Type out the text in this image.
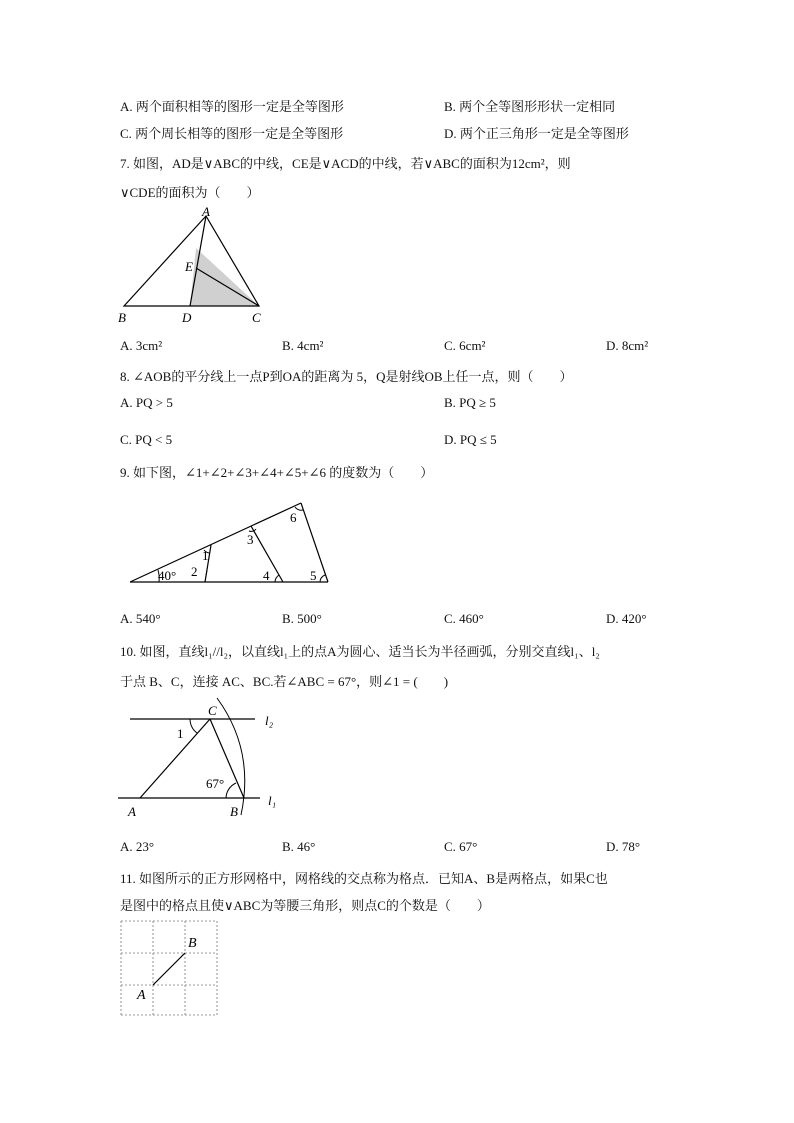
A. 两个面积相等的图形一定是全等图形	B. 两个全等图形形状一定相同
C. 两个周长相等的图形一定是全等图形	D. 两个正三角形一定是全等图形
7. 如图，AD是∨ABC的中线，CE是∨ACD的中线，若∨ABC的面积为12cm²，则
∨CDE的面积为（　　）
A
E
B	D	C
A. 3cm²	B. 4cm²	C. 6cm²	D. 8cm²
8. ∠AOB的平分线上一点P到OA的距离为 5，Q是射线OB上任一点，则（　　）
A. PQ > 5	B. PQ ≥ 5
C. PQ < 5	D. PQ ≤ 5
9. 如下图，∠1+∠2+∠3+∠4+∠5+∠6 的度数为（　　）
40°
1
2
3
4
6
5
A. 540°	B. 500°	C. 460°	D. 420°
10. 如图，直线l₁//l₂，以直线l₁上的点A为圆心、适当长为半径画弧，分别交直线l₁、l₂
于点 B、C，连接 AC、BC.若∠ABC = 67°，则∠1 = (　　)
C
l₂
1
67°
l₁
A	B
A. 23°	B. 46°	C. 67°	D. 78°
11. 如图所示的正方形网格中，网格线的交点称为格点．已知A、B是两格点，如果C也
是图中的格点且使∨ABC为等腰三角形，则点C的个数是（　　）
B
A
